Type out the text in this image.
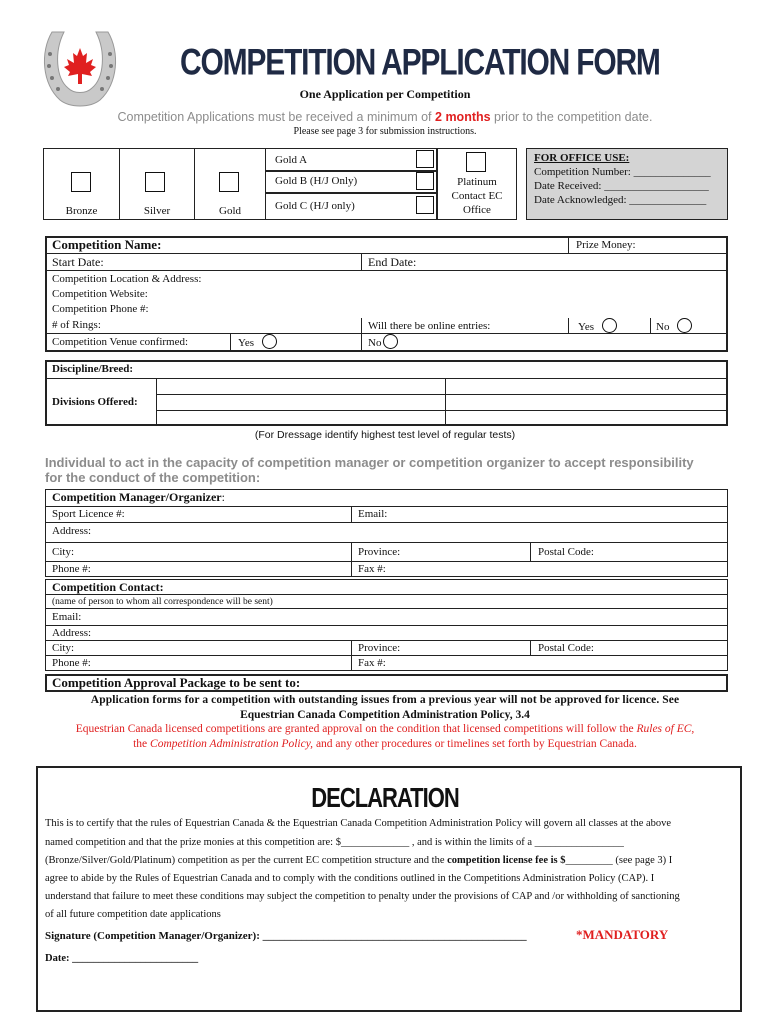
COMPETITION APPLICATION FORM
One Application per Competition
Competition Applications must be received a minimum of 2 months prior to the competition date.
Please see page 3 for submission instructions.
Bronze	Silver	Gold
Gold A
Gold B (H/J Only)
Gold C (H/J only)
Platinum
Contact EC
Office
FOR OFFICE USE:
Competition Number: ______________
Date Received: ___________________
Date Acknowledged: ______________
Competition Name:	Prize Money:
Start Date:	End Date:
Competition Location & Address:
Competition Website:
Competition Phone #:
# of Rings:	Will there be online entries:	Yes	No
Competition Venue confirmed:	Yes	No
Discipline/Breed:
Divisions Offered:
(For Dressage identify highest test level of regular tests)
Individual to act in the capacity of competition manager or competition organizer to accept responsibility for the conduct of the competition:
Competition Manager/Organizer:
Sport Licence #:	Email:
Address:
City:	Province:	Postal Code:
Phone #:	Fax #:
Competition Contact:
(name of person to whom all correspondence will be sent)
Email:
Address:
City:	Province:	Postal Code:
Phone #:	Fax #:
Competition Approval Package to be sent to:
Application forms for a competition with outstanding issues from a previous year will not be approved for licence. See
Equestrian Canada Competition Administration Policy, 3.4
Equestrian Canada licensed competitions are granted approval on the condition that licensed competitions will follow the Rules of EC,
the Competition Administration Policy, and any other procedures or timelines set forth by Equestrian Canada.
DECLARATION
This is to certify that the rules of Equestrian Canada & the Equestrian Canada Competition Administration Policy will govern all classes at the above
named competition and that the prize monies at this competition are: $_____________ , and is within the limits of a _________________
(Bronze/Silver/Gold/Platinum) competition as per the current EC competition structure and the competition license fee is $_________ (see page 3) I
agree to abide by the Rules of Equestrian Canada and to comply with the conditions outlined in the Competitions Administration Policy (CAP). I
understand that failure to meet these conditions may subject the competition to penalty under the provisions of CAP and /or withholding of sanctioning
of all future competition date applications
Signature (Competition Manager/Organizer): ________________________________________________	*MANDATORY
Date: ________________________
